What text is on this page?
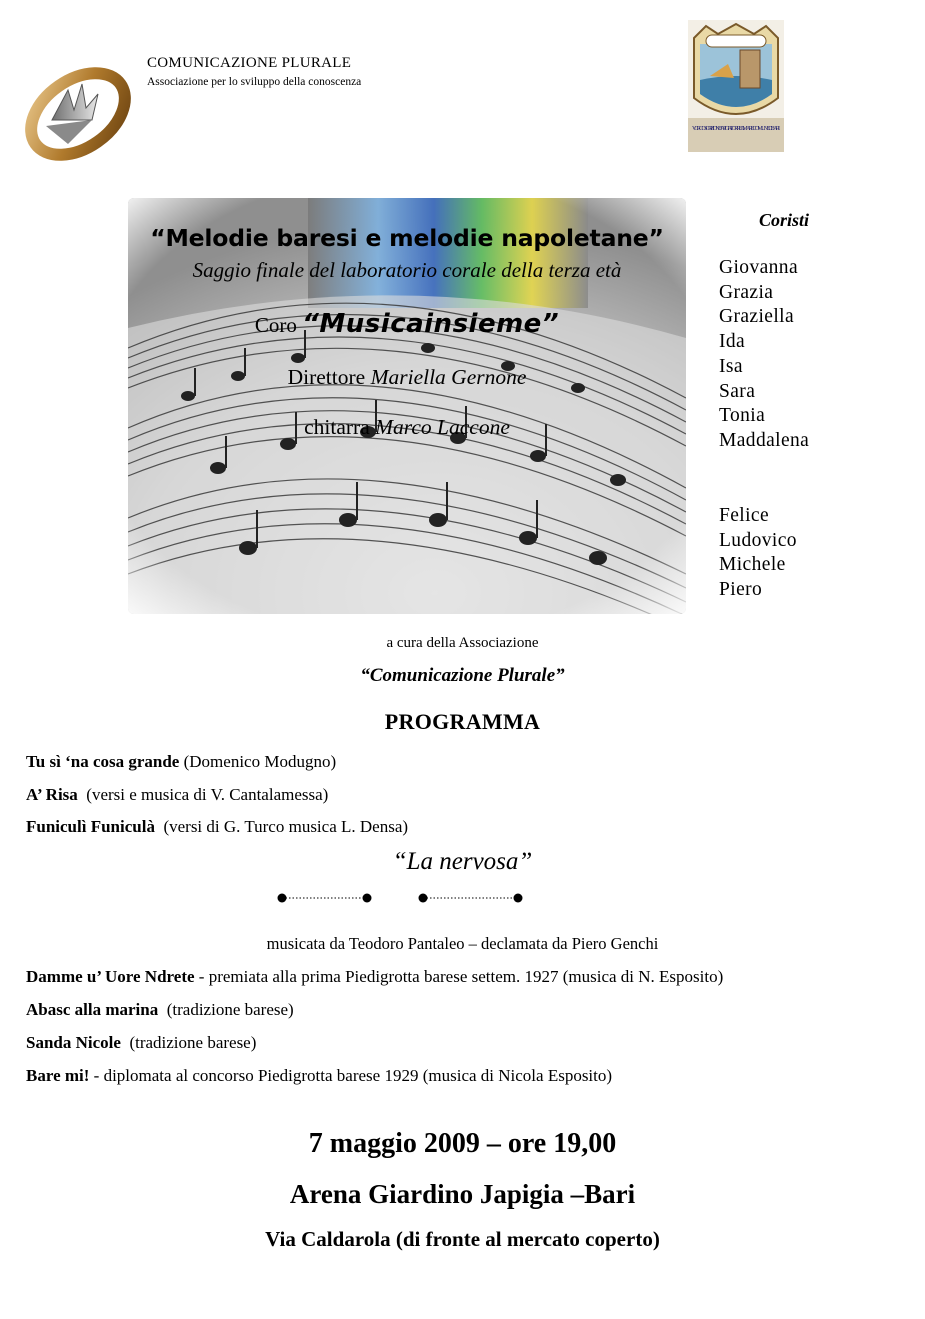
COMUNICAZIONE PLURALE
Associazione per lo sviluppo della conoscenza
V CIRCOSCRIZIONE JAPIGIA - TORRE A MARE COMUNE DI BARI
“Melodie baresi e melodie napoletane”
Saggio finale del laboratorio corale della terza età
Coro “Musicainsieme”
Direttore Mariella Gernone
chitarra Marco Laccone
Coristi
Giovanna
Grazia
Graziella
Ida
Isa
Sara
Tonia
Maddalena
Felice
Ludovico
Michele
Piero
a cura della Associazione
“Comunicazione Plurale”
PROGRAMMA
Tu sì ‘na cosa grande (Domenico Modugno)
A’ Risa  (versi e musica di V. Cantalamessa)
Funiculì Funiculà  (versi di G. Turco musica L. Densa)
“La nervosa”
musicata da Teodoro Pantaleo – declamata da Piero Genchi
Damme u’ Uore Ndrete - premiata alla prima Piedigrotta barese settem. 1927 (musica di N. Esposito)
Abasc alla marina  (tradizione barese)
Sanda Nicole  (tradizione barese)
Bare mi! - diplomata al concorso Piedigrotta barese 1929 (musica di Nicola Esposito)
7 maggio 2009 – ore 19,00
Arena Giardino Japigia –Bari
Via Caldarola (di fronte al mercato coperto)
